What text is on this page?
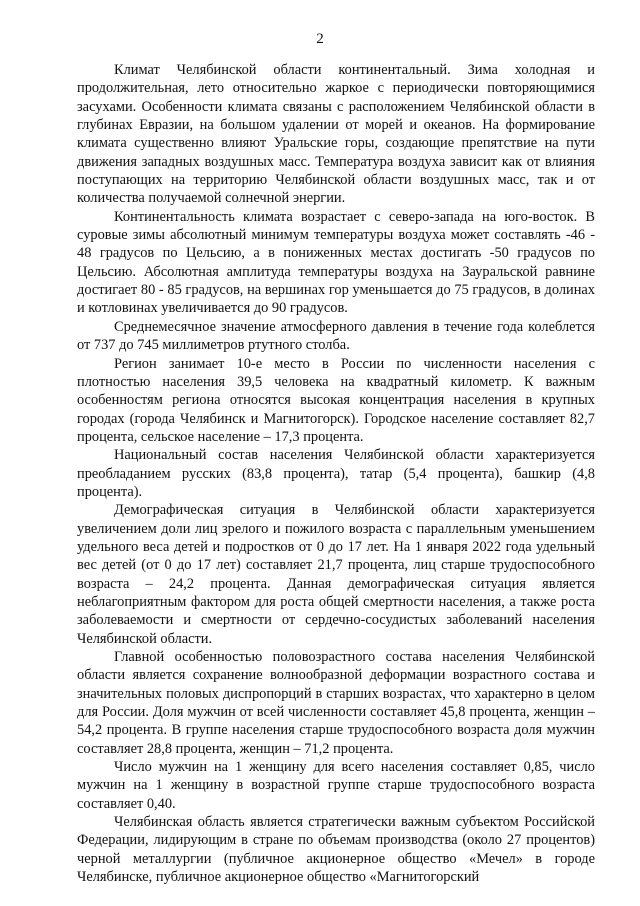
2

Климат Челябинской области континентальный. Зима холодная и продолжительная, лето относительно жаркое с периодически повторяющимися засухами. Особенности климата связаны с расположением Челябинской области в глубинах Евразии, на большом удалении от морей и океанов. На формирование климата существенно влияют Уральские горы, создающие препятствие на пути движения западных воздушных масс. Температура воздуха зависит как от влияния поступающих на территорию Челябинской области воздушных масс, так и от количества получаемой солнечной энергии.

Континентальность климата возрастает с северо-запада на юго-восток. В суровые зимы абсолютный минимум температуры воздуха может составлять -46 - 48 градусов по Цельсию, а в пониженных местах достигать -50 градусов по Цельсию. Абсолютная амплитуда температуры воздуха на Зауральской равнине достигает 80 - 85 градусов, на вершинах гор уменьшается до 75 градусов, в долинах и котловинах увеличивается до 90 градусов.

Среднемесячное значение атмосферного давления в течение года колеблется от 737 до 745 миллиметров ртутного столба.

Регион занимает 10-е место в России по численности населения с плотностью населения 39,5 человека на квадратный километр. К важным особенностям региона относятся высокая концентрация населения в крупных городах (города Челябинск и Магнитогорск). Городское население составляет 82,7 процента, сельское население – 17,3 процента.

Национальный состав населения Челябинской области характеризуется преобладанием русских (83,8 процента), татар (5,4 процента), башкир (4,8 процента).

Демографическая ситуация в Челябинской области характеризуется увеличением доли лиц зрелого и пожилого возраста с параллельным уменьшением удельного веса детей и подростков от 0 до 17 лет. На 1 января 2022 года удельный вес детей (от 0 до 17 лет) составляет 21,7 процента, лиц старше трудоспособного возраста – 24,2 процента. Данная демографическая ситуация является неблагоприятным фактором для роста общей смертности населения, а также роста заболеваемости и смертности от сердечно-сосудистых заболеваний населения Челябинской области.

Главной особенностью половозрастного состава населения Челябинской области является сохранение волнообразной деформации возрастного состава и значительных половых диспропорций в старших возрастах, что характерно в целом для России. Доля мужчин от всей численности составляет 45,8 процента, женщин – 54,2 процента. В группе населения старше трудоспособного возраста доля мужчин составляет 28,8 процента, женщин – 71,2 процента.

Число мужчин на 1 женщину для всего населения составляет 0,85, число мужчин на 1 женщину в возрастной группе старше трудоспособного возраста составляет 0,40.

Челябинская область является стратегически важным субъектом Российской Федерации, лидирующим в стране по объемам производства (около 27 процентов) черной металлургии (публичное акционерное общество «Мечел» в городе Челябинске, публичное акционерное общество «Магнитогорский
